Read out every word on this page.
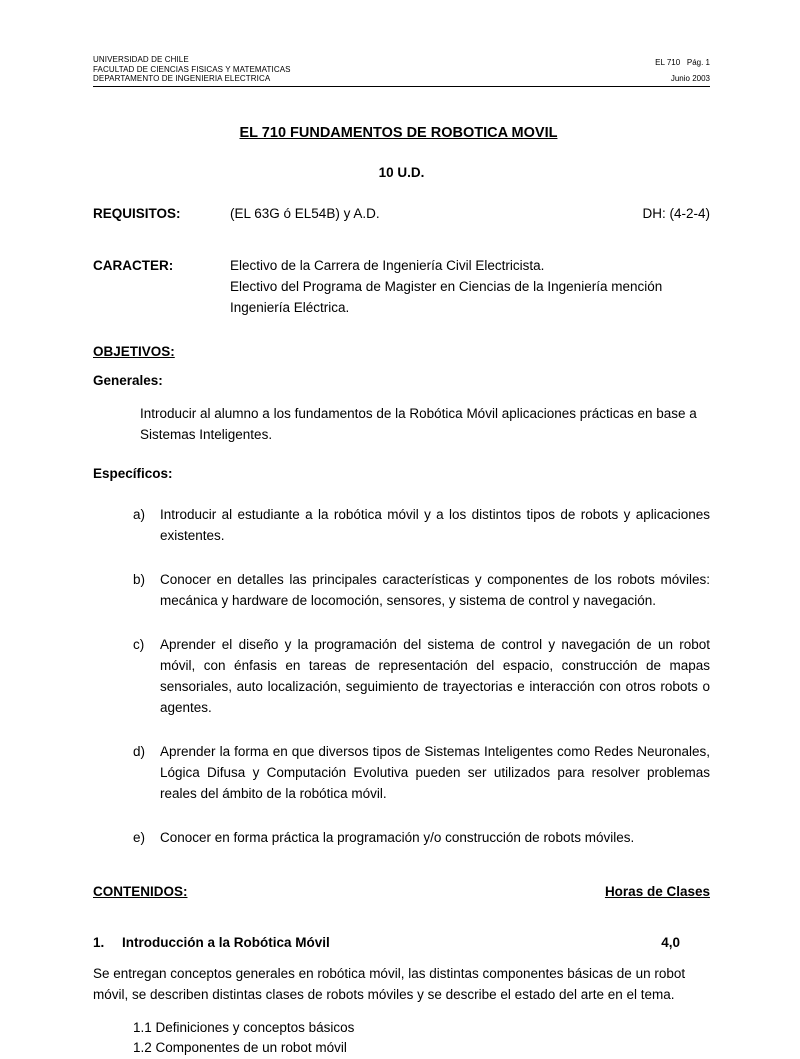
UNIVERSIDAD DE CHILE
FACULTAD DE CIENCIAS FISICAS Y MATEMATICAS
DEPARTAMENTO DE INGENIERIA ELECTRICA
EL 710   Pág. 1
Junio 2003
EL 710 FUNDAMENTOS DE ROBOTICA MOVIL
10 U.D.
REQUISITOS:	(EL 63G ó EL54B) y A.D.	DH: (4-2-4)
CARACTER:	Electivo de la Carrera de Ingeniería Civil Electricista.
Electivo del Programa de Magister en Ciencias de la Ingeniería mención
Ingeniería Eléctrica.
OBJETIVOS:
Generales:

Introducir al alumno a los fundamentos de la Robótica Móvil aplicaciones prácticas en base a Sistemas Inteligentes.

Específicos:
a)	Introducir al estudiante a la robótica móvil y a los distintos tipos de robots y aplicaciones existentes.
b)	Conocer en detalles las principales características y componentes de los robots móviles: mecánica y hardware de locomoción, sensores, y sistema de control y navegación.
c)	Aprender el diseño y la programación del sistema de control y navegación de un robot móvil, con énfasis en tareas de representación del espacio, construcción de mapas sensoriales, auto localización, seguimiento de trayectorias e interacción con otros robots o agentes.
d)	Aprender la forma en que diversos tipos de Sistemas Inteligentes como Redes Neuronales, Lógica Difusa y Computación Evolutiva pueden ser utilizados para resolver problemas reales del ámbito de la robótica móvil.
e)	Conocer en forma práctica la programación y/o construcción de robots móviles.
CONTENIDOS:	Horas de Clases
1.	Introducción a la Robótica Móvil	4,0

Se entregan conceptos generales en robótica móvil, las distintas componentes básicas de un robot móvil, se describen distintas clases de robots móviles y se describe el estado del arte en el tema.

1.1 Definiciones y conceptos básicos
1.2 Componentes de un robot móvil
